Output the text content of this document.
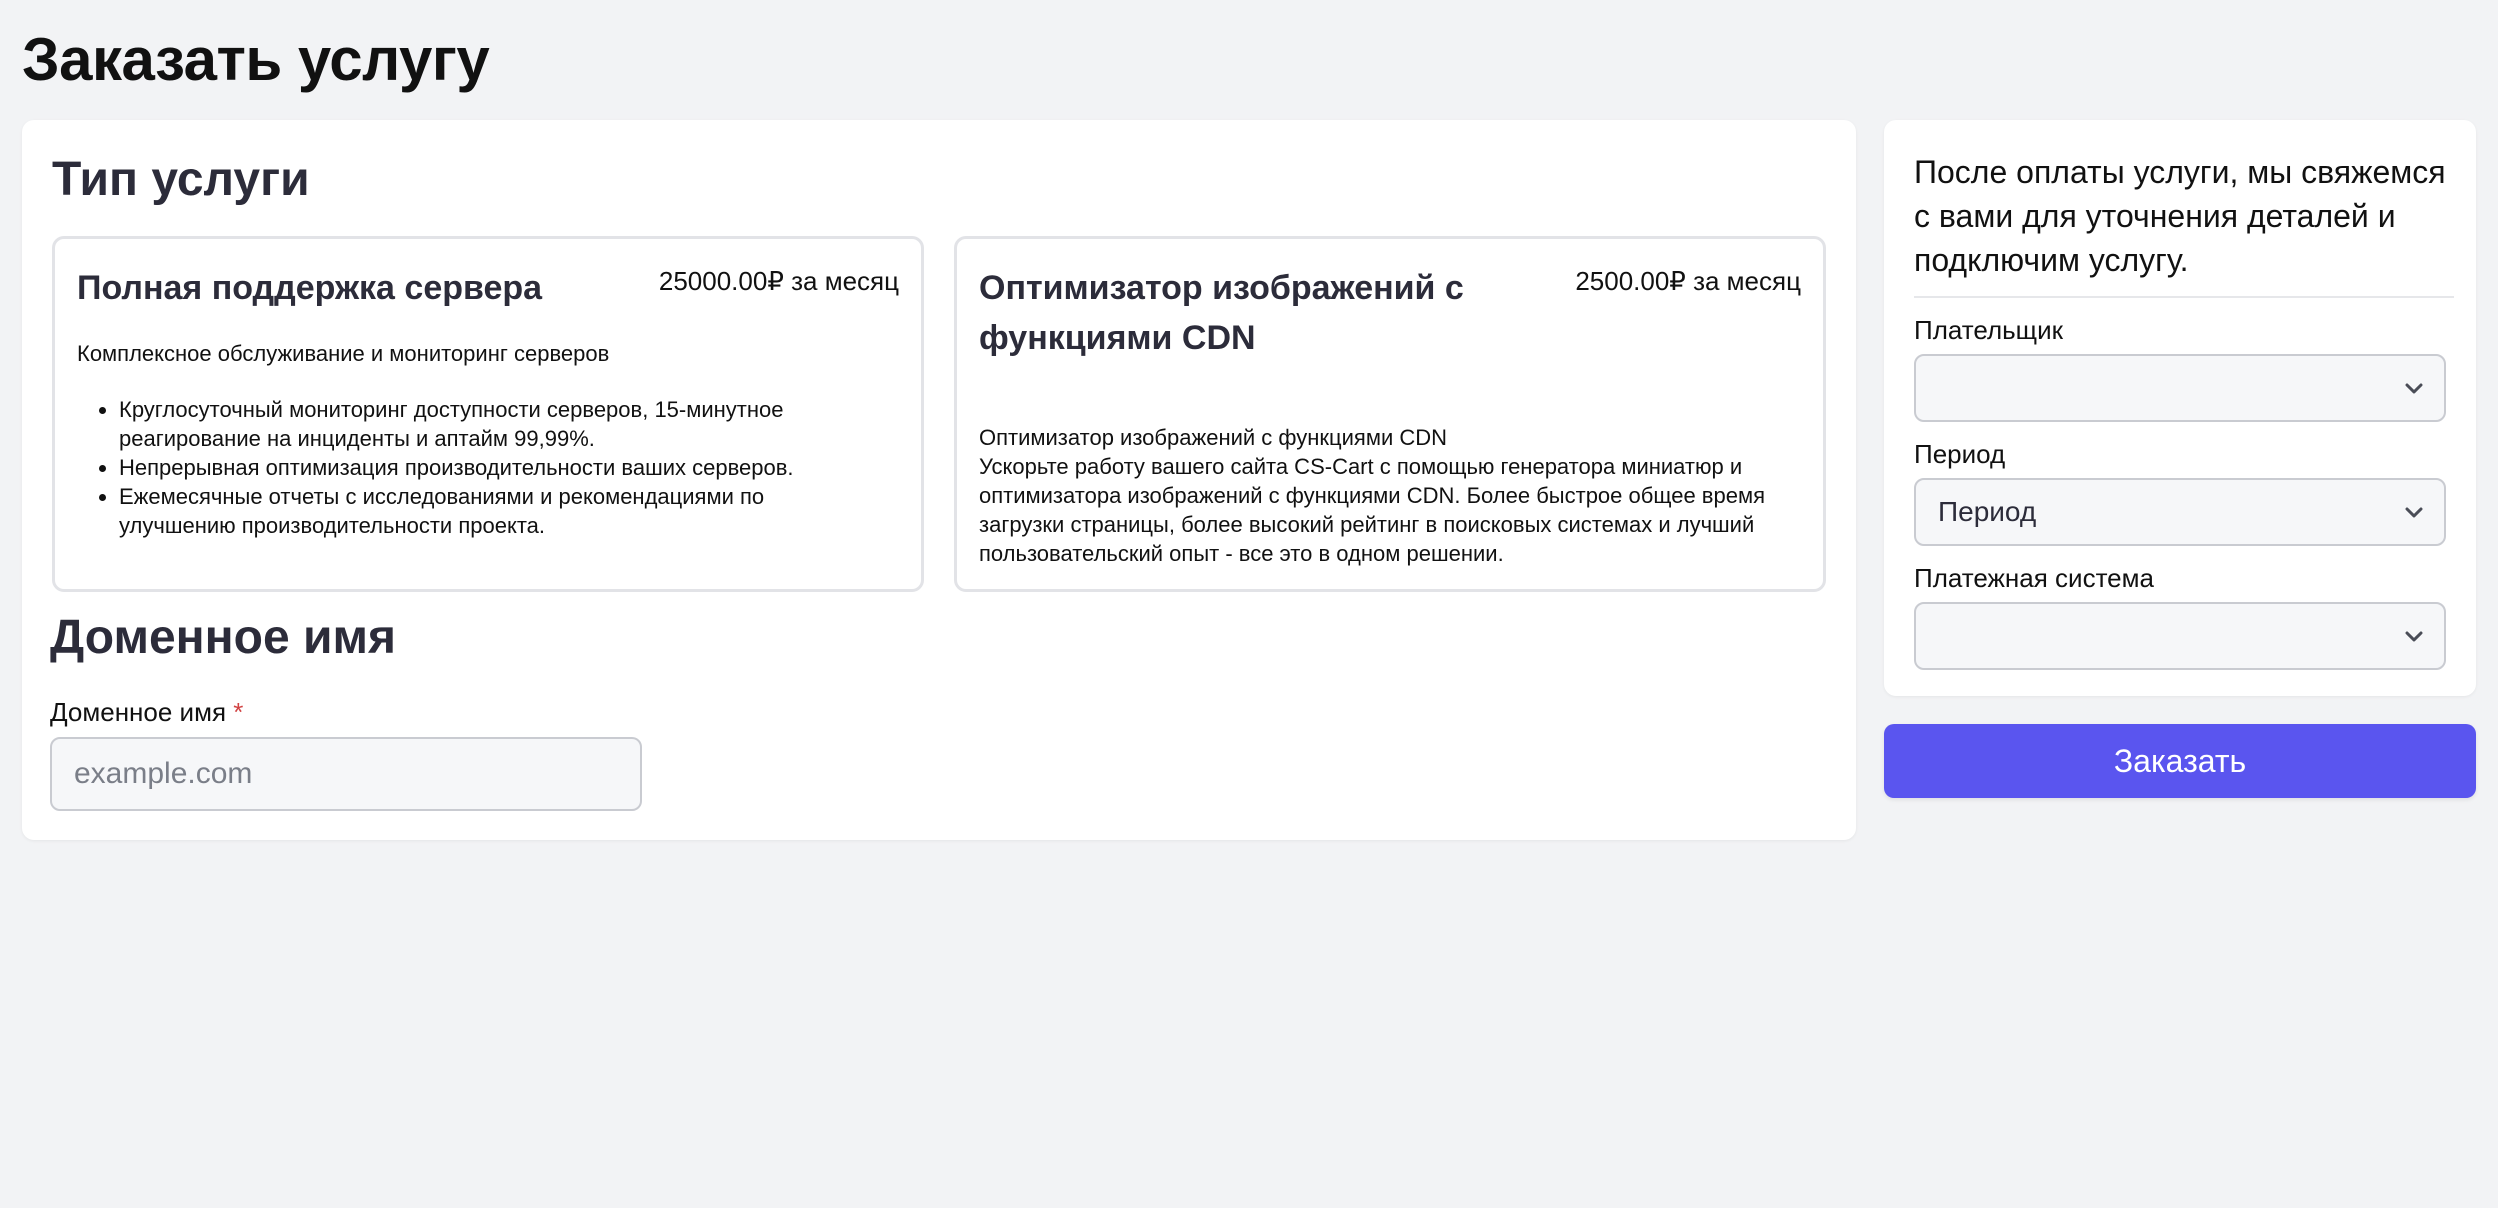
Заказать услугу
Тип услуги
Полная поддержка сервера	25000.00₽ за месяц
Комплексное обслуживание и мониторинг серверов
• Круглосуточный мониторинг доступности серверов, 15-минутное реагирование на инциденты и аптайм 99,99%.
• Непрерывная оптимизация производительности ваших серверов.
• Ежемесячные отчеты с исследованиями и рекомендациями по улучшению производительности проекта.
Оптимизатор изображений с функциями CDN
2500.00₽ за месяц
Оптимизатор изображений с функциями CDN
Ускорьте работу вашего сайта CS-Cart с помощью генератора миниатюр и оптимизатора изображений с функциями CDN. Более быстрое общее время загрузки страницы, более высокий рейтинг в поисковых системах и лучший пользовательский опыт - все это в одном решении.
Доменное имя
Доменное имя *
example.com
После оплаты услуги, мы свяжемся с вами для уточнения деталей и подключим услугу.
Плательщик
Период
Период
Платежная система
Заказать
